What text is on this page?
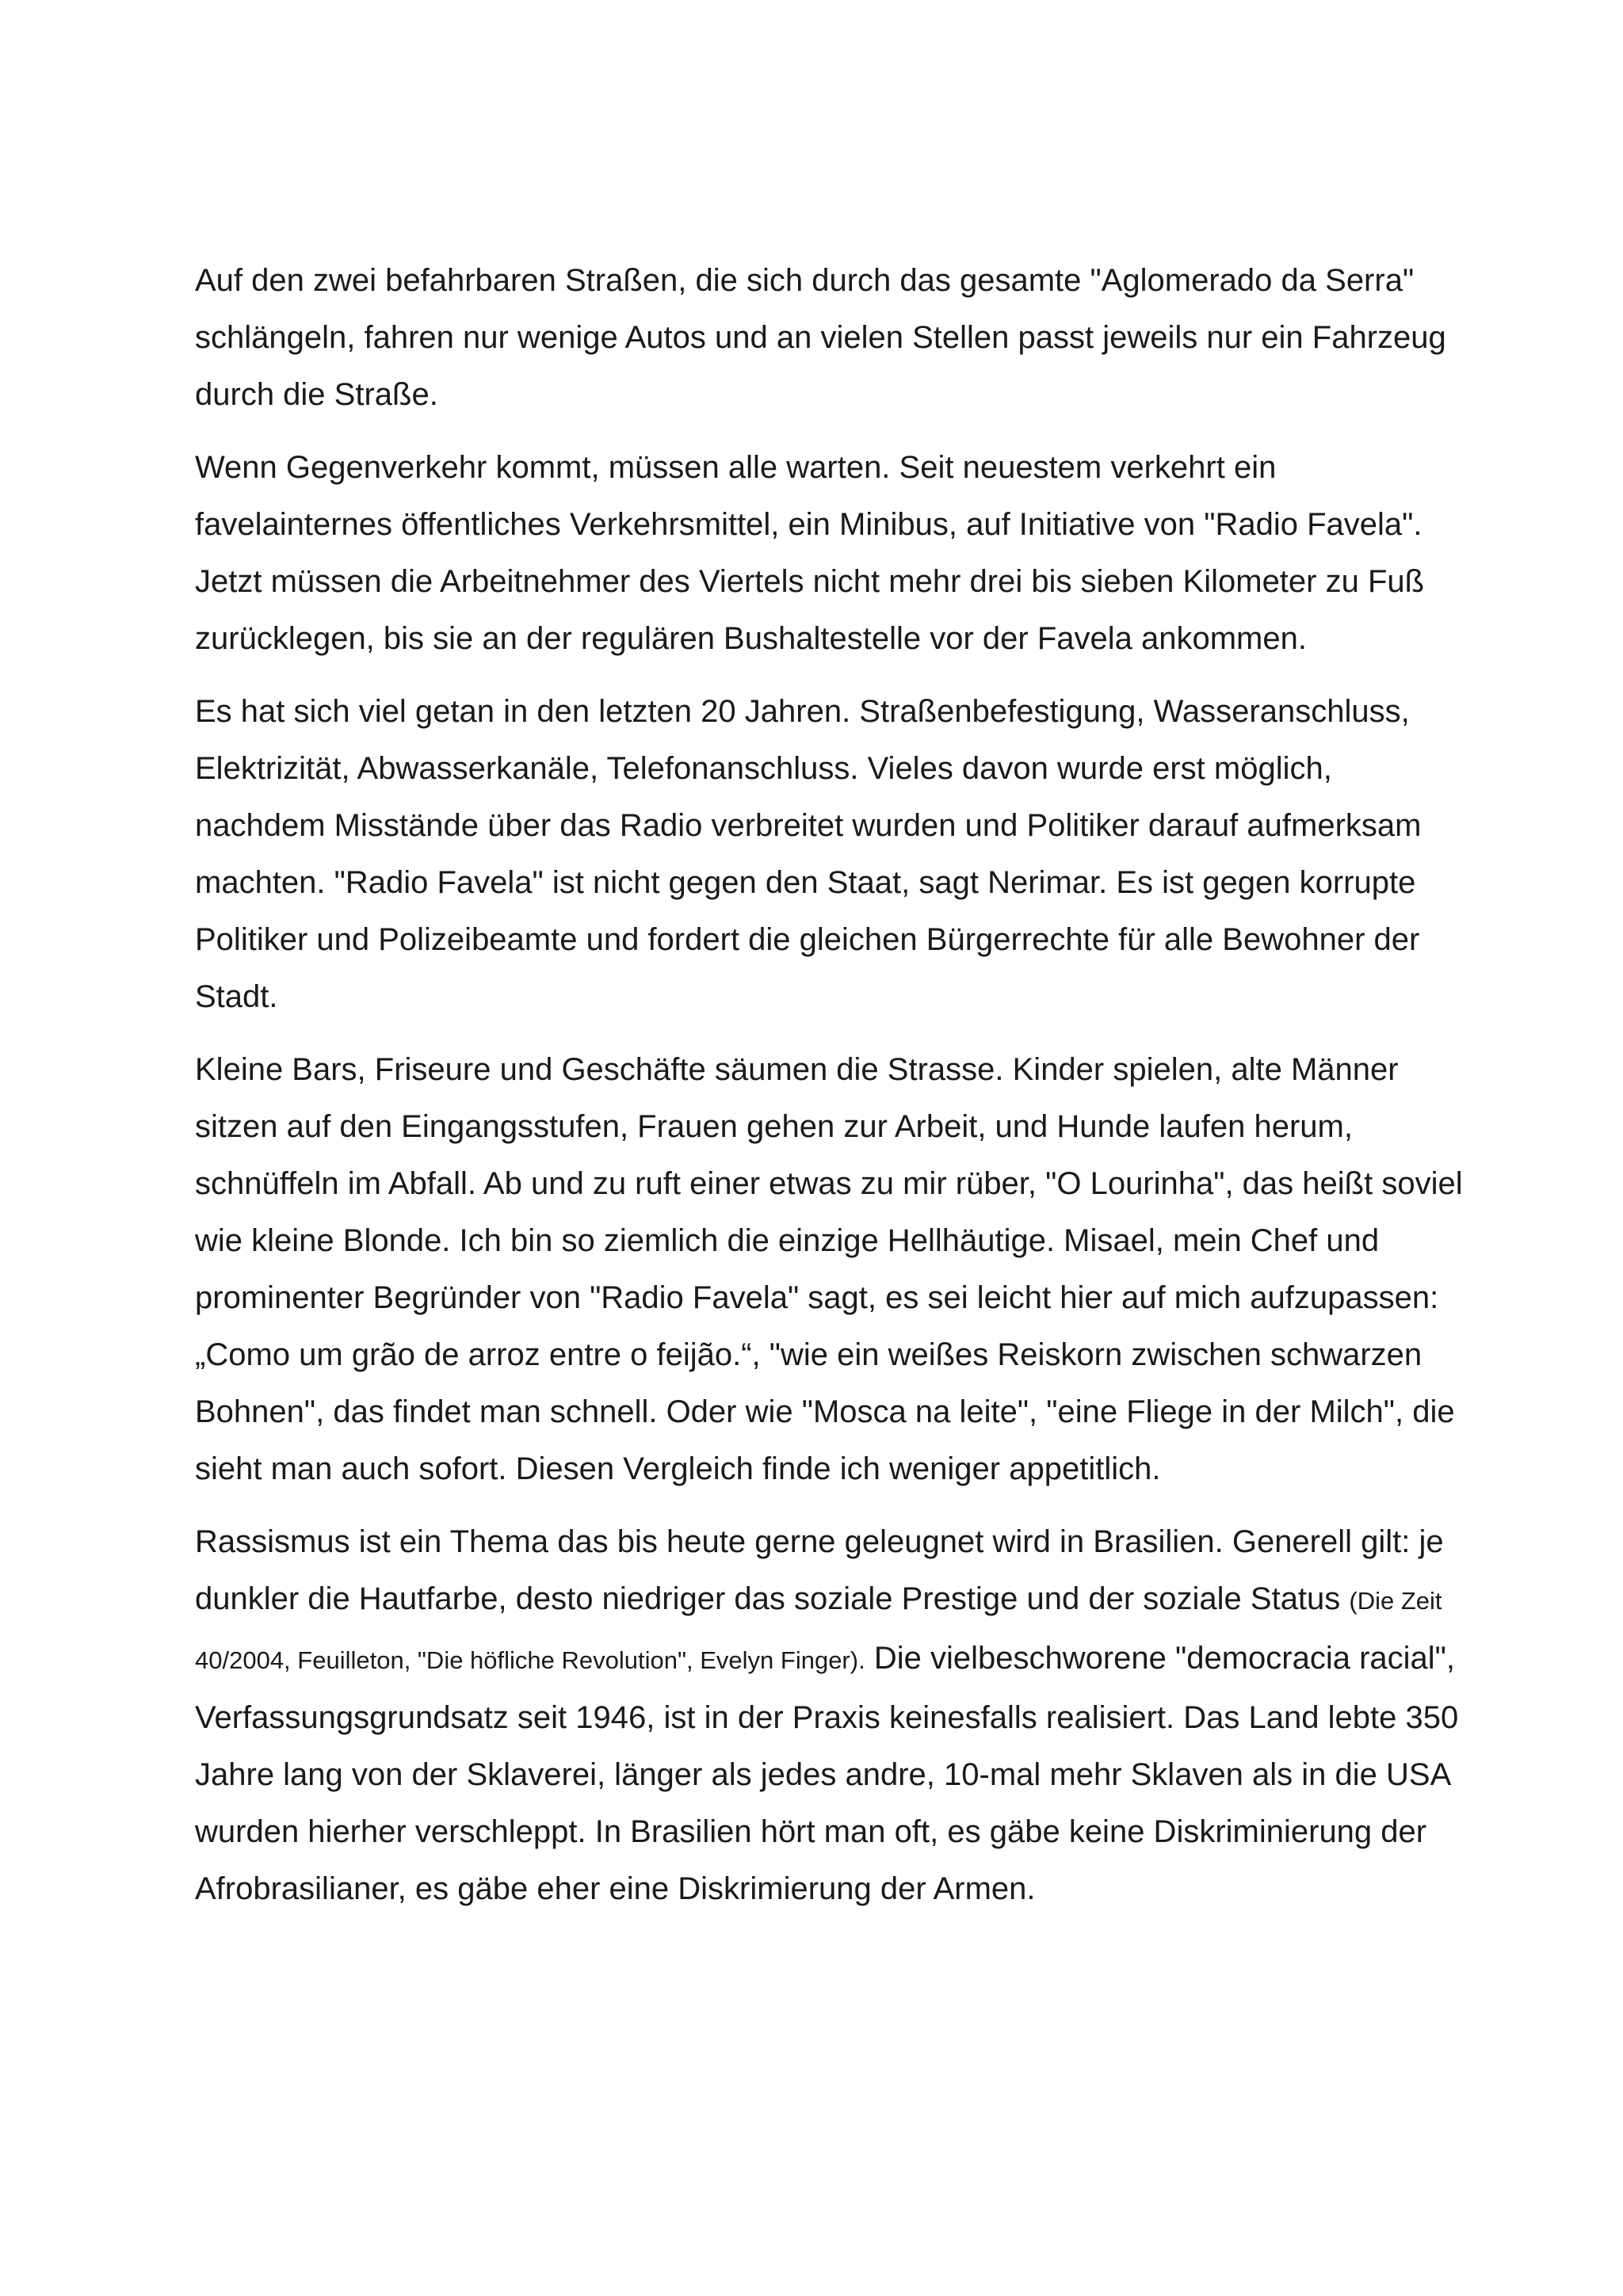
Auf den zwei befahrbaren Straßen, die sich durch das gesamte "Aglomerado da Serra" schlängeln, fahren nur wenige Autos und an vielen Stellen passt jeweils nur ein Fahrzeug durch die Straße.

Wenn Gegenverkehr kommt, müssen alle warten. Seit neuestem verkehrt ein favelainternes öffentliches Verkehrsmittel, ein Minibus, auf Initiative von "Radio Favela". Jetzt müssen die Arbeitnehmer des Viertels nicht mehr drei bis sieben Kilometer zu Fuß zurücklegen, bis sie an der regulären Bushaltestelle vor der Favela ankommen.

Es hat sich viel getan in den letzten 20 Jahren. Straßenbefestigung, Wasseranschluss, Elektrizität, Abwasserkanäle, Telefonanschluss. Vieles davon wurde erst möglich, nachdem Misstände über das Radio verbreitet wurden und Politiker darauf aufmerksam machten. "Radio Favela" ist nicht gegen den Staat, sagt Nerimar. Es ist gegen korrupte Politiker und Polizeibeamte und fordert die gleichen Bürgerrechte für alle Bewohner der Stadt.

Kleine Bars, Friseure und Geschäfte säumen die Strasse. Kinder spielen, alte Männer sitzen auf den Eingangsstufen, Frauen gehen zur Arbeit, und Hunde laufen herum, schnüffeln im Abfall. Ab und zu ruft einer etwas zu mir rüber, "O Lourinha", das heißt soviel wie kleine Blonde. Ich bin so ziemlich die einzige Hellhäutige. Misael, mein Chef und prominenter Begründer von "Radio Favela" sagt, es sei leicht hier auf mich aufzupassen: „Como um grão de arroz entre o feijão.“, "wie ein weißes Reiskorn zwischen schwarzen Bohnen", das findet man schnell. Oder wie "Mosca na leite", "eine Fliege in der Milch", die sieht man auch sofort. Diesen Vergleich finde ich weniger appetitlich.

Rassismus ist ein Thema das bis heute gerne geleugnet wird in Brasilien. Generell gilt: je dunkler die Hautfarbe, desto niedriger das soziale Prestige und der soziale Status (Die Zeit 40/2004, Feuilleton, "Die höfliche Revolution", Evelyn Finger). Die vielbeschworene "democracia racial", Verfassungsgrundsatz seit 1946, ist in der Praxis keinesfalls realisiert. Das Land lebte 350 Jahre lang von der Sklaverei, länger als jedes andre, 10-mal mehr Sklaven als in die USA wurden hierher verschleppt. In Brasilien hört man oft, es gäbe keine Diskriminierung der Afrobrasilianer, es gäbe eher eine Diskrimierung der Armen.
